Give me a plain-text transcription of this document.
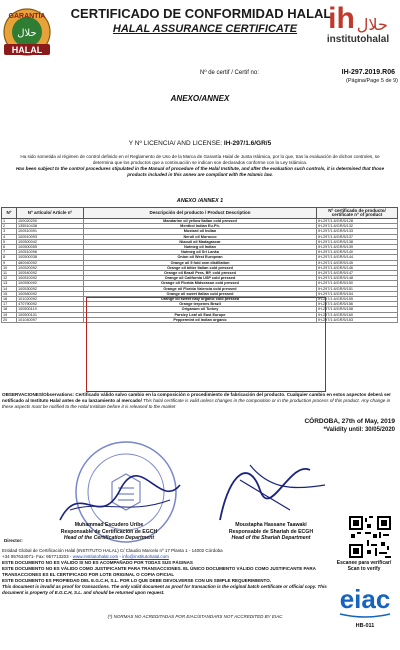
GARANTÍA
حلال
HALAL
CERTIFICADO DE CONFORMIDAD HALAL
HALAL ASSURANCE CERTIFICATE	ih حلال
institutohalal
Nº de certif / Certif no:	IH-297.2019.R06
(Página/Page 5 de 9)
ANEXO/ANNEX
Y Nº LICENCIA/ AND LICENSE: IH-297/1.6/GR/5
Ha sido sometida al régimen de control definido en el Reglamento de Uso de la Marca de Garantía Halal de Junta Islámica, por lo que, tras la evaluación de dichos controles, se determina que los productos que a continuación se indican son declarados conforme con la Ley Islámica.
Has been subject to the control procedures stipulated in the Manual of procedure of the Halal Institute, and after the evaluation such controls, it is determined that those products included in this annex are compliant with the Islamic law.
ANEXO /ANNEX 1
Nº	Nº artículo/ Article nº	Descripción del producto / Product Description	Nº certificado de producto/ certificate nº of product
1	100020200	Mandarine oil yellow Italian cold pressed	IH-297/1.6/GR/5/128
2	135510438	Menthol Indian Eu.Ph.	IH-297/1.6/GR/5/132
3	100510091	Mustard oil Indian	IH-297/1.6/GR/5/133
4	100510093	Neroli oil Morocco	IH-297/1.6/GR/5/137
5	100500042	Niaouli oil Madagascar	IH-297/1.6/GR/5/138
6	100500055	Nutmeg oil Indian	IH-297/1.6/GR/5/139
7	100510096	Nutmeg oil Sri Lanka	IH-297/1.6/GR/5/140
8	100500038	Onion oil West European	IH-297/1.6/GR/5/144
9	480940092	Orange oil 5 fold oxm distillation	IH-297/1.6/GR/5/145
10	100520092	Orange oil bitter Italian cold pressed	IH-297/1.6/GR/5/146
11	100540092	Orange oil Brazil Pera, BP, cold pressed	IH-297/1.6/GR/5/147
12	100510092	Orange oil California USP cold pressed	IH-297/1.6/GR/5/148
13	100550092	Orange oil Florida Midseason cold pressed	IH-297/1.6/GR/5/150
14	100530092	Orange oil Florida Valencia cold pressed	IH-297/1.6/GR/5/151
15	100560092	Orange oil sweet Italian cold pressed	IH-297/1.6/GR/5/154
16	101020092	Orange oil sweet Italy organic cold pressed	IH-297/1.6/GR/5/155
17	470790092	Orange terpenes Brazil	IH-297/1.6/GR/5/156
18	100500119	Origanum oil Turkey	IH-297/1.6/GR/5/158
19	100500101	Parsley Leaf oil East Europe	IH-297/1.6/GR/5/160
20	101040097	Peppermint oil Indian organic	IH-297/1.6/GR/5/163
OBSERVACIONES/Observations: Certificado válido salvo cambio en la composición o procedimiento de fabricación del producto. Cualquier cambio en estos aspectos deberá ser notificado al Instituto Halal antes de su lanzamiento al mercado/ This halal certificate is valid unless changes in the composition or in the production process of this product. Any change in these aspects must be notified to the Halal Institute before it is released to the market
CÓRDOBA, 27th of May, 2019
*Validity until: 30/05/2020
Muhammad Escudero Uribe
Responsable de Certificación de EGCH
Head of the Certification Department
Moustapha Hassane Taawaki
Responsable de Shariah de ECGH
Head of the Shariah Department
Director:
Escanee para verificar/
Scan to verify
Entidad Global de Certificación Halal (INSTITUTO HALAL) C/ Claudio Marcelo nº 17 Planta 1 - 14002 Córdoba
+34 957634071- Fax: 957713203 - www.institutohalal.com - info@institutohalal.com
ESTE DOCUMENTO NO ES VÁLIDO SI NO ES ACOMPAÑADO POR TODAS SUS PÁGINAS
ESTE DOCUMENTO NO ES VÁLIDO COMO JUSTIFICANTE PARA TRANSACCIONES. EL ÚNICO DOCUMENTO VÁLIDO COMO JUSTIFICANTE PARA TRANSACCIONES ES EL CERTIFICADO POR LOTE ORIGINAL O COPIA OFICIAL
ESTE DOCUMENTO ES PROPIEDAD DEL E.G.C.H, S.L. POR LO QUE DEBE DEVOLVERSE CON UN SIMPLE REQUERIMIENTO.
This document is invalid as proof for transactions. The only valid document as proof for transaction is the original batch certificate or official copy. This document is property of E.G.C.H, S.L. and should be returned upon request.
(*) NORMAS NO ACREDITADAS POR EIAC/STANDARS NOT ACCREDITED BY EIAC
eiac
HB-011
